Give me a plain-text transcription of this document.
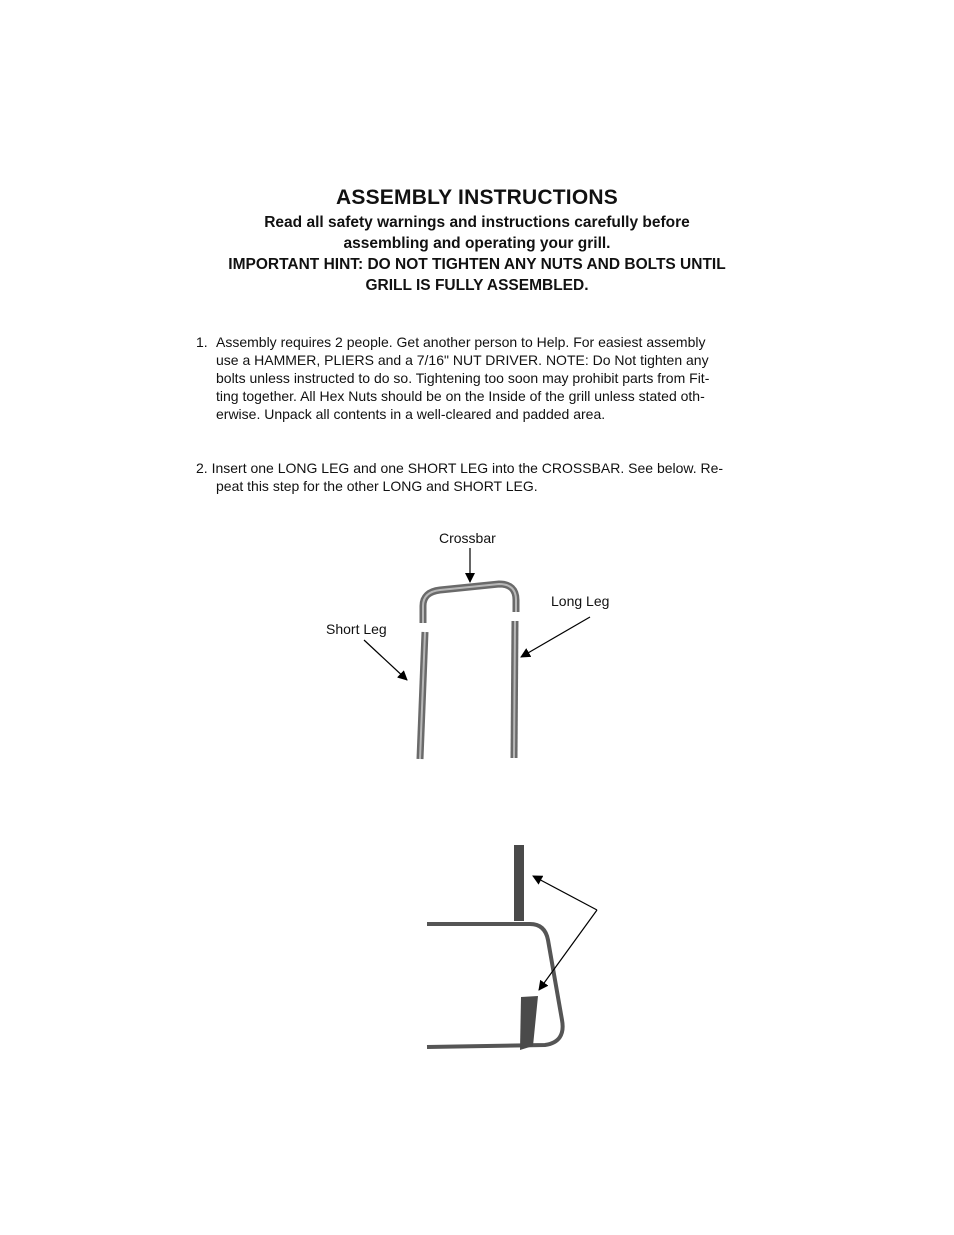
ASSEMBLY INSTRUCTIONS
Read all safety warnings and instructions carefully before
assembling and operating your grill.
IMPORTANT HINT: DO NOT TIGHTEN ANY NUTS AND BOLTS UNTIL
GRILL IS FULLY ASSEMBLED.
1. Assembly requires 2 people. Get another person to Help. For easiest assembly
use a HAMMER, PLIERS and a 7/16" NUT DRIVER. NOTE: Do Not tighten any
bolts unless instructed to do so. Tightening too soon may prohibit parts from Fit-
ting together. All Hex Nuts should be on the Inside of the grill unless stated oth-
erwise. Unpack all contents in a well-cleared and padded area.
2. Insert one LONG LEG and one SHORT LEG into the CROSSBAR. See below. Re-
peat this step for the other LONG and SHORT LEG.
Crossbar
Long Leg
Short Leg
